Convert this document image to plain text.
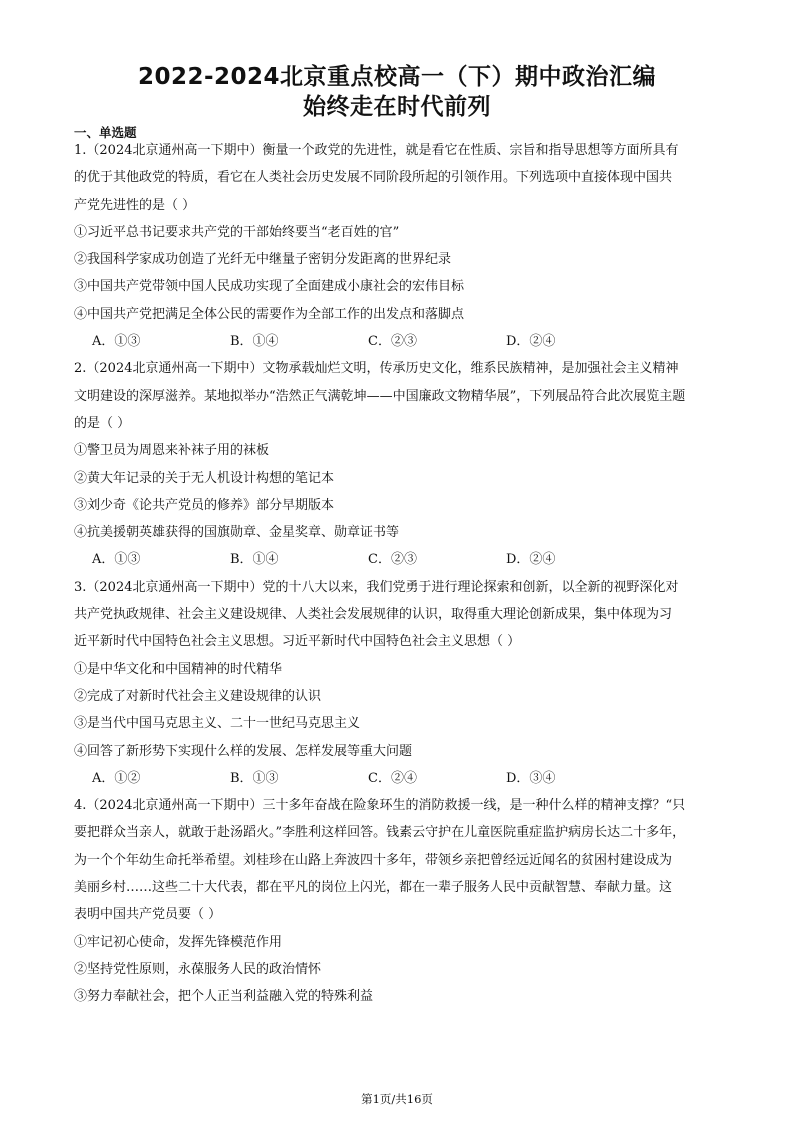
2022-2024北京重点校高一（下）期中政治汇编
始终走在时代前列
一、单选题
1.（2024北京通州高一下期中）衡量一个政党的先进性，就是看它在性质、宗旨和指导思想等方面所具有
的优于其他政党的特质，看它在人类社会历史发展不同阶段所起的引领作用。下列选项中直接体现中国共
产党先进性的是（ ）
①习近平总书记要求共产党的干部始终要当“老百姓的官”
②我国科学家成功创造了光纤无中继量子密钥分发距离的世界纪录
③中国共产党带领中国人民成功实现了全面建成小康社会的宏伟目标
④中国共产党把满足全体公民的需要作为全部工作的出发点和落脚点
A．①③	B．①④	C．②③	D．②④
2.（2024北京通州高一下期中）文物承载灿烂文明，传承历史文化，维系民族精神，是加强社会主义精神
文明建设的深厚滋养。某地拟举办“浩然正气满乾坤——中国廉政文物精华展”，下列展品符合此次展览主题
的是（ ）
①警卫员为周恩来补袜子用的袜板
②黄大年记录的关于无人机设计构想的笔记本
③刘少奇《论共产党员的修养》部分早期版本
④抗美援朝英雄获得的国旗勋章、金星奖章、勋章证书等
A．①③	B．①④	C．②③	D．②④
3.（2024北京通州高一下期中）党的十八大以来，我们党勇于进行理论探索和创新，以全新的视野深化对
共产党执政规律、社会主义建设规律、人类社会发展规律的认识，取得重大理论创新成果，集中体现为习
近平新时代中国特色社会主义思想。习近平新时代中国特色社会主义思想（ ）
①是中华文化和中国精神的时代精华
②完成了对新时代社会主义建设规律的认识
③是当代中国马克思主义、二十一世纪马克思主义
④回答了新形势下实现什么样的发展、怎样发展等重大问题
A．①②	B．①③	C．②④	D．③④
4.（2024北京通州高一下期中）三十多年奋战在险象环生的消防救援一线，是一种什么样的精神支撑？“只
要把群众当亲人，就敢于赴汤蹈火。”李胜利这样回答。钱素云守护在儿童医院重症监护病房长达二十多年，
为一个个年幼生命托举希望。刘桂珍在山路上奔波四十多年，带领乡亲把曾经远近闻名的贫困村建设成为
美丽乡村……这些二十大代表，都在平凡的岗位上闪光，都在一辈子服务人民中贡献智慧、奉献力量。这
表明中国共产党员要（ ）
①牢记初心使命，发挥先锋模范作用
②坚持党性原则，永葆服务人民的政治情怀
③努力奉献社会，把个人正当利益融入党的特殊利益
第1页/共16页
